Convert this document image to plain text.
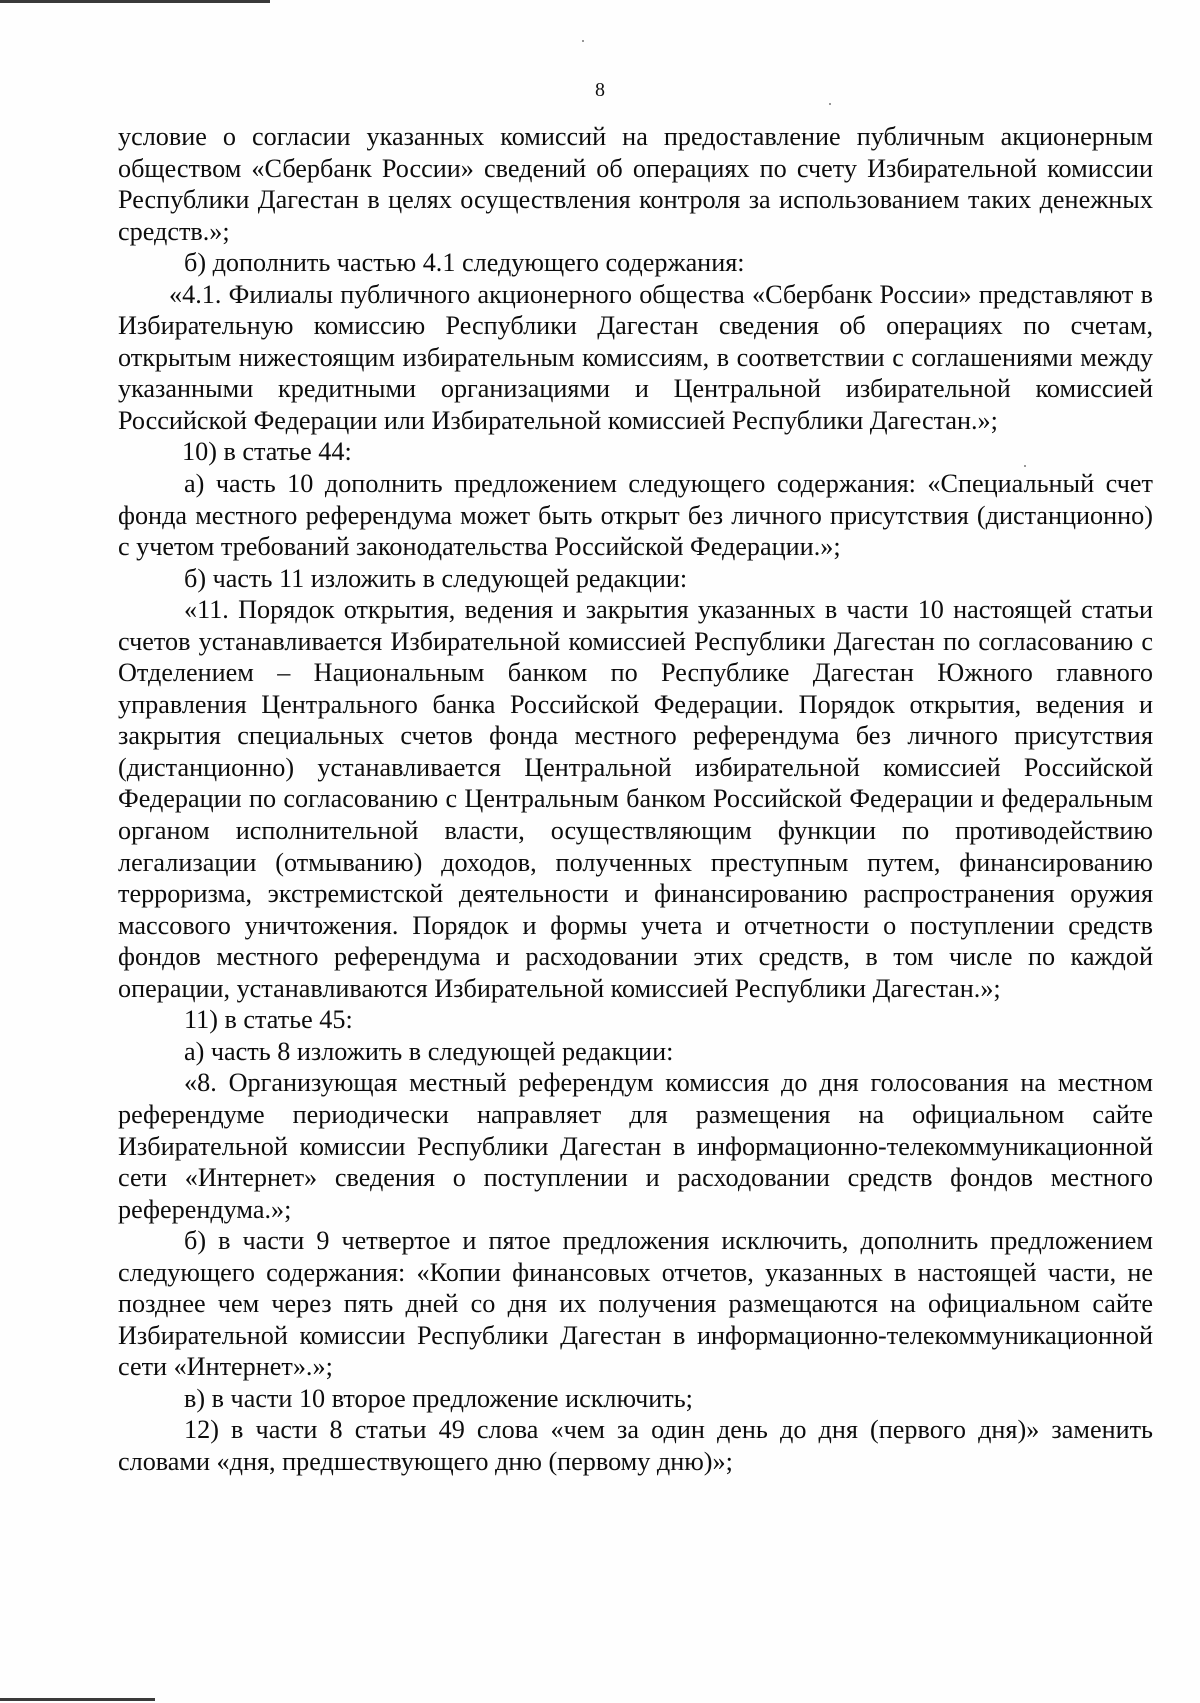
8

условие о согласии указанных комиссий на предоставление публичным акционерным обществом «Сбербанк России» сведений об операциях по счету Избирательной комиссии Республики Дагестан в целях осуществления контроля за использованием таких денежных средств.»;

б) дополнить частью 4.1 следующего содержания:

«4.1. Филиалы публичного акционерного общества «Сбербанк России» представляют в Избирательную комиссию Республики Дагестан сведения об операциях по счетам, открытым нижестоящим избирательным комиссиям, в соответствии с соглашениями между указанными кредитными организациями и Центральной избирательной комиссией Российской Федерации или Избирательной комиссией Республики Дагестан.»;

10) в статье 44:

а) часть 10 дополнить предложением следующего содержания: «Специальный счет фонда местного референдума может быть открыт без личного присутствия (дистанционно) с учетом требований законодательства Российской Федерации.»;

б) часть 11 изложить в следующей редакции:

«11. Порядок открытия, ведения и закрытия указанных в части 10 настоящей статьи счетов устанавливается Избирательной комиссией Республики Дагестан по согласованию с Отделением – Национальным банком по Республике Дагестан Южного главного управления Центрального банка Российской Федерации. Порядок открытия, ведения и закрытия специальных счетов фонда местного референдума без личного присутствия (дистанционно) устанавливается Центральной избирательной комиссией Российской Федерации по согласованию с Центральным банком Российской Федерации и федеральным органом исполнительной власти, осуществляющим функции по противодействию легализации (отмыванию) доходов, полученных преступным путем, финансированию терроризма, экстремистской деятельности и финансированию распространения оружия массового уничтожения. Порядок и формы учета и отчетности о поступлении средств фондов местного референдума и расходовании этих средств, в том числе по каждой операции, устанавливаются Избирательной комиссией Республики Дагестан.»;

11) в статье 45:

а) часть 8 изложить в следующей редакции:

«8. Организующая местный референдум комиссия до дня голосования на местном референдуме периодически направляет для размещения на официальном сайте Избирательной комиссии Республики Дагестан в информационно-телекоммуникационной сети «Интернет» сведения о поступлении и расходовании средств фондов местного референдума.»;

б) в части 9 четвертое и пятое предложения исключить, дополнить предложением следующего содержания: «Копии финансовых отчетов, указанных в настоящей части, не позднее чем через пять дней со дня их получения размещаются на официальном сайте Избирательной комиссии Республики Дагестан в информационно-телекоммуникационной сети «Интернет».»;

в) в части 10 второе предложение исключить;

12) в части 8 статьи 49 слова «чем за один день до дня (первого дня)» заменить словами «дня, предшествующего дню (первому дню)»;
